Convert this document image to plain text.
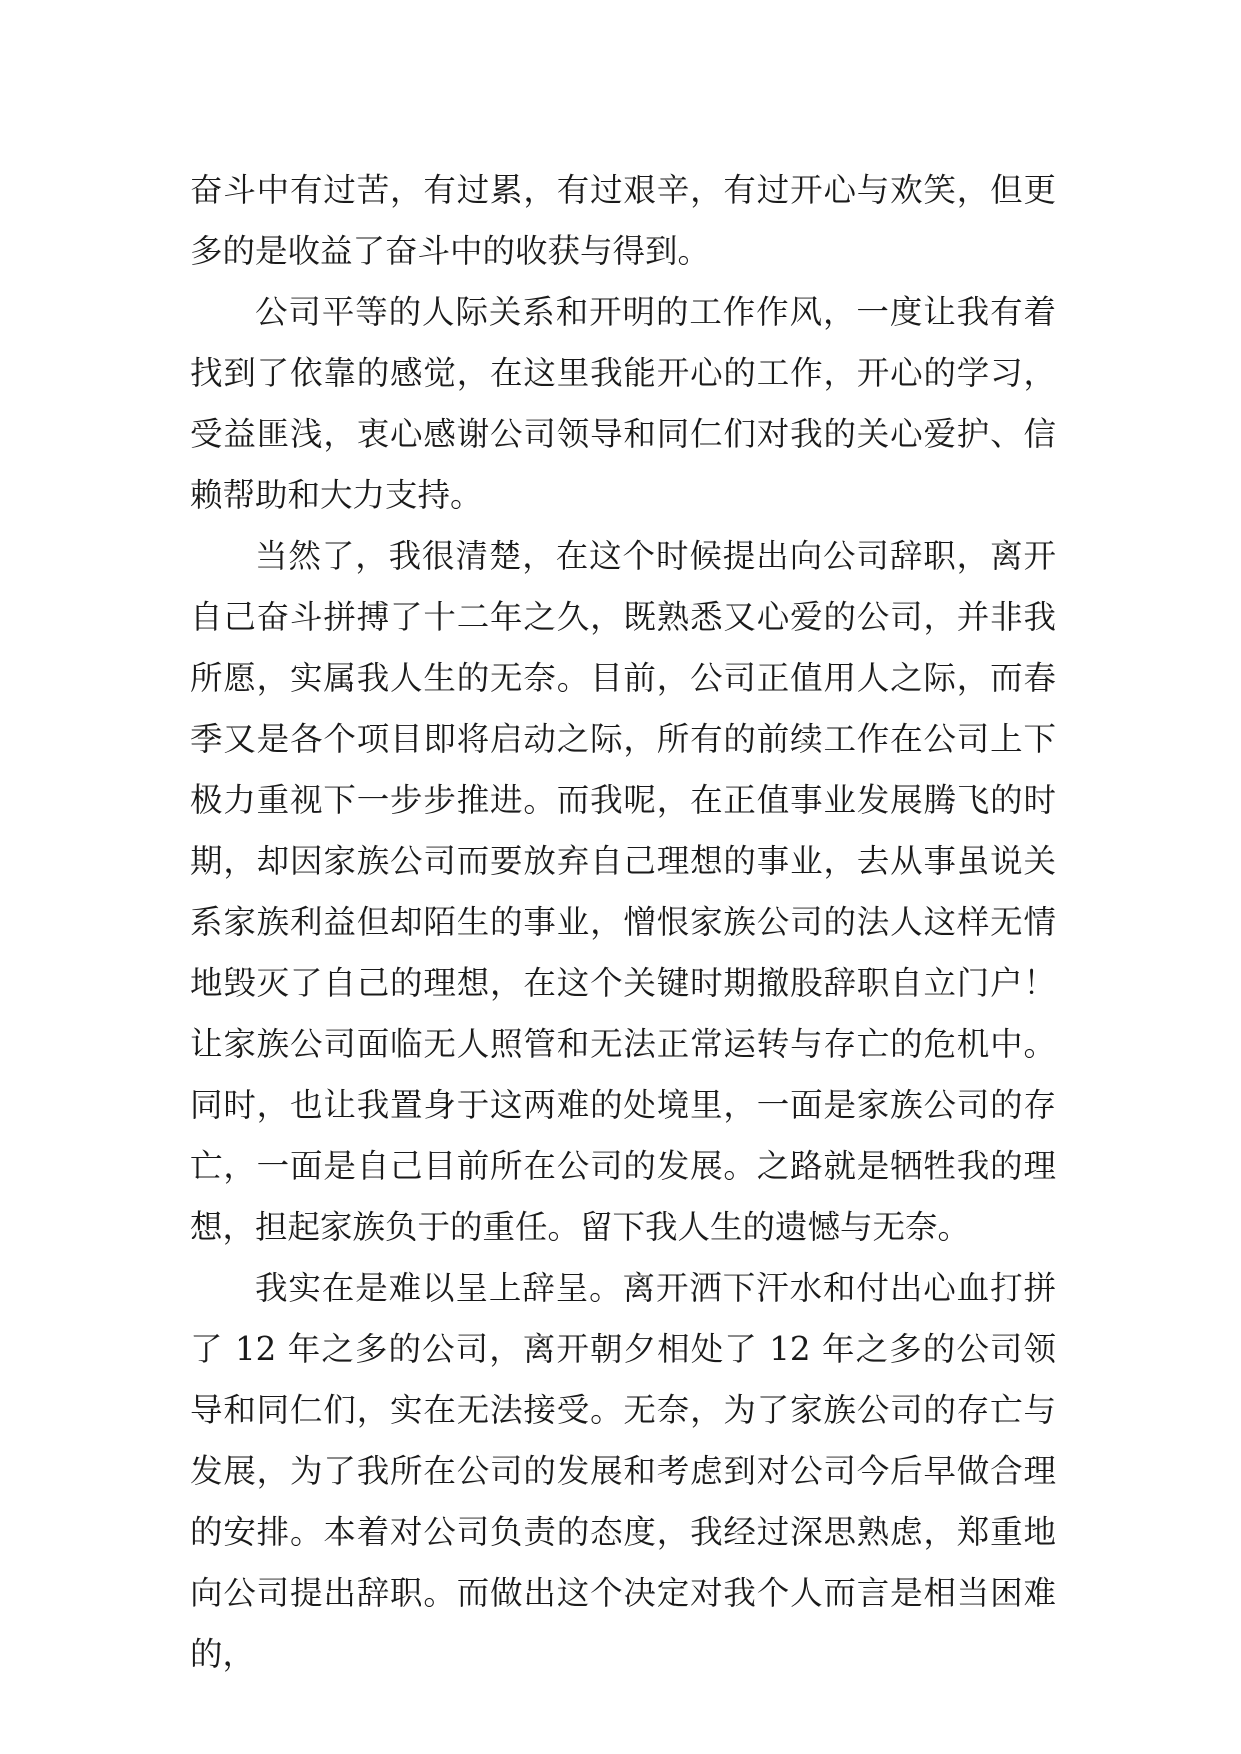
奋斗中有过苦，有过累，有过艰辛，有过开心与欢笑，但更多的是收益了奋斗中的收获与得到。

公司平等的人际关系和开明的工作作风，一度让我有着找到了依靠的感觉，在这里我能开心的工作，开心的学习，受益匪浅，衷心感谢公司领导和同仁们对我的关心爱护、信赖帮助和大力支持。

当然了，我很清楚，在这个时候提出向公司辞职，离开自己奋斗拼搏了十二年之久，既熟悉又心爱的公司，并非我所愿，实属我人生的无奈。目前，公司正值用人之际，而春季又是各个项目即将启动之际，所有的前续工作在公司上下极力重视下一步步推进。而我呢，在正值事业发展腾飞的时期，却因家族公司而要放弃自己理想的事业，去从事虽说关系家族利益但却陌生的事业，憎恨家族公司的法人这样无情地毁灭了自己的理想，在这个关键时期撤股辞职自立门户！让家族公司面临无人照管和无法正常运转与存亡的危机中。同时，也让我置身于这两难的处境里，一面是家族公司的存亡，一面是自己目前所在公司的发展。之路就是牺牲我的理想，担起家族负于的重任。留下我人生的遗憾与无奈。

我实在是难以呈上辞呈。离开洒下汗水和付出心血打拼了 12 年之多的公司，离开朝夕相处了 12 年之多的公司领导和同仁们，实在无法接受。无奈，为了家族公司的存亡与发展，为了我所在公司的发展和考虑到对公司今后早做合理的安排。本着对公司负责的态度，我经过深思熟虑，郑重地向公司提出辞职。而做出这个决定对我个人而言是相当困难的，
